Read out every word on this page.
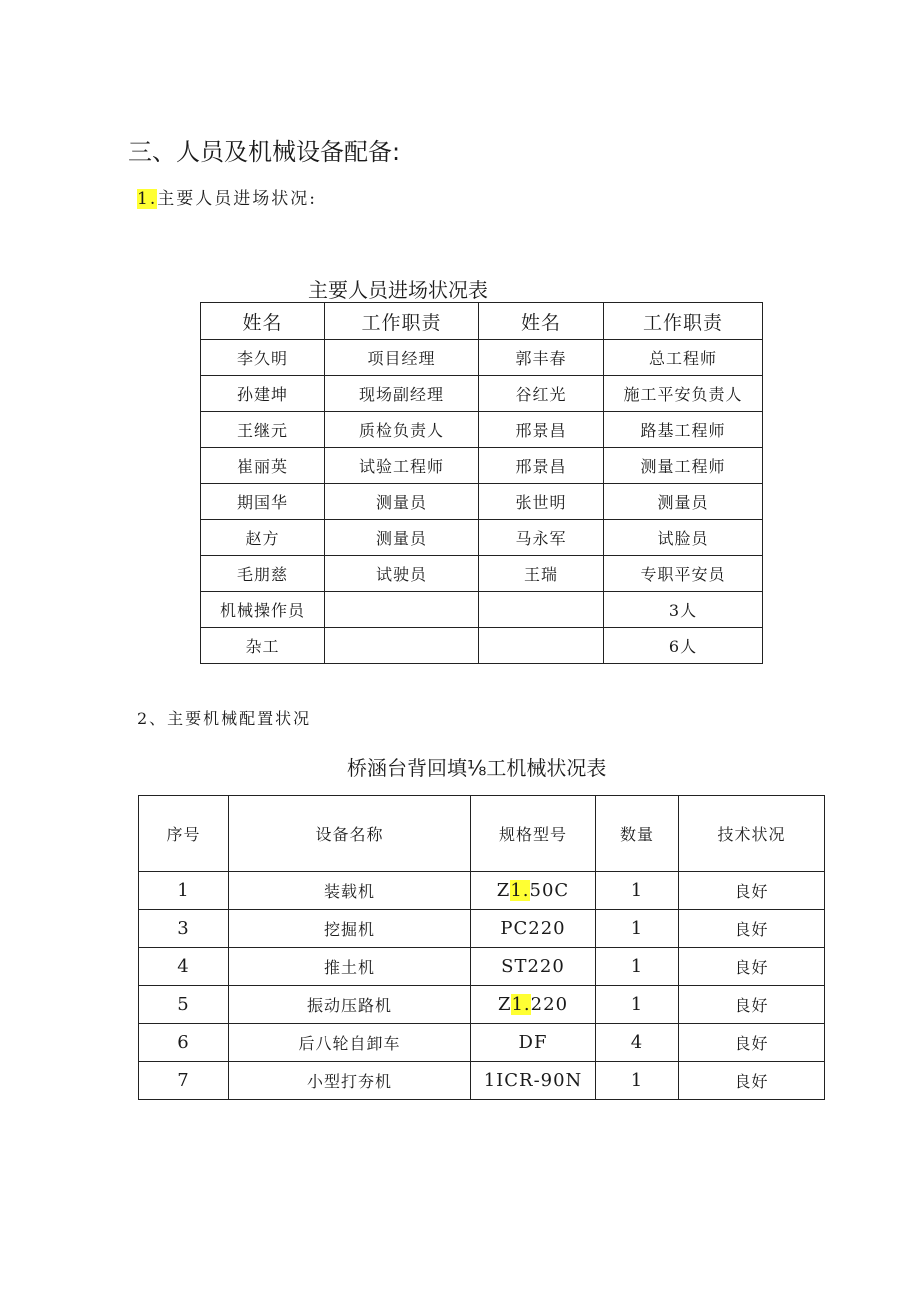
三、人员及机械设备配备:
1.主要人员进场状况:
主要人员进场状况表
姓名	工作职责	姓名	工作职责
李久明	项目经理	郭丰春	总工程师
孙建坤	现场副经理	谷红光	施工平安负责人
王继元	质检负责人	邢景昌	路基工程师
崔丽英	试验工程师	邢景昌	测量工程师
期国华	测量员	张世明	测量员
赵方	测量员	马永军	试脸员
毛朋慈	试驶员	王瑞	专职平安员
机械操作员			3人
杂工			6人
2、主要机械配置状况
桥涵台背回填⅛工机械状况表
序号	设备名称	规格型号	数量	技术状况
1	装载机	Z1.50C	1	良好
3	挖掘机	PC220	1	良好
4	推土机	ST220	1	良好
5	振动压路机	Z1.220	1	良好
6	后八轮自卸车	DF	4	良好
7	小型打夯机	1ICR-90N	1	良好
